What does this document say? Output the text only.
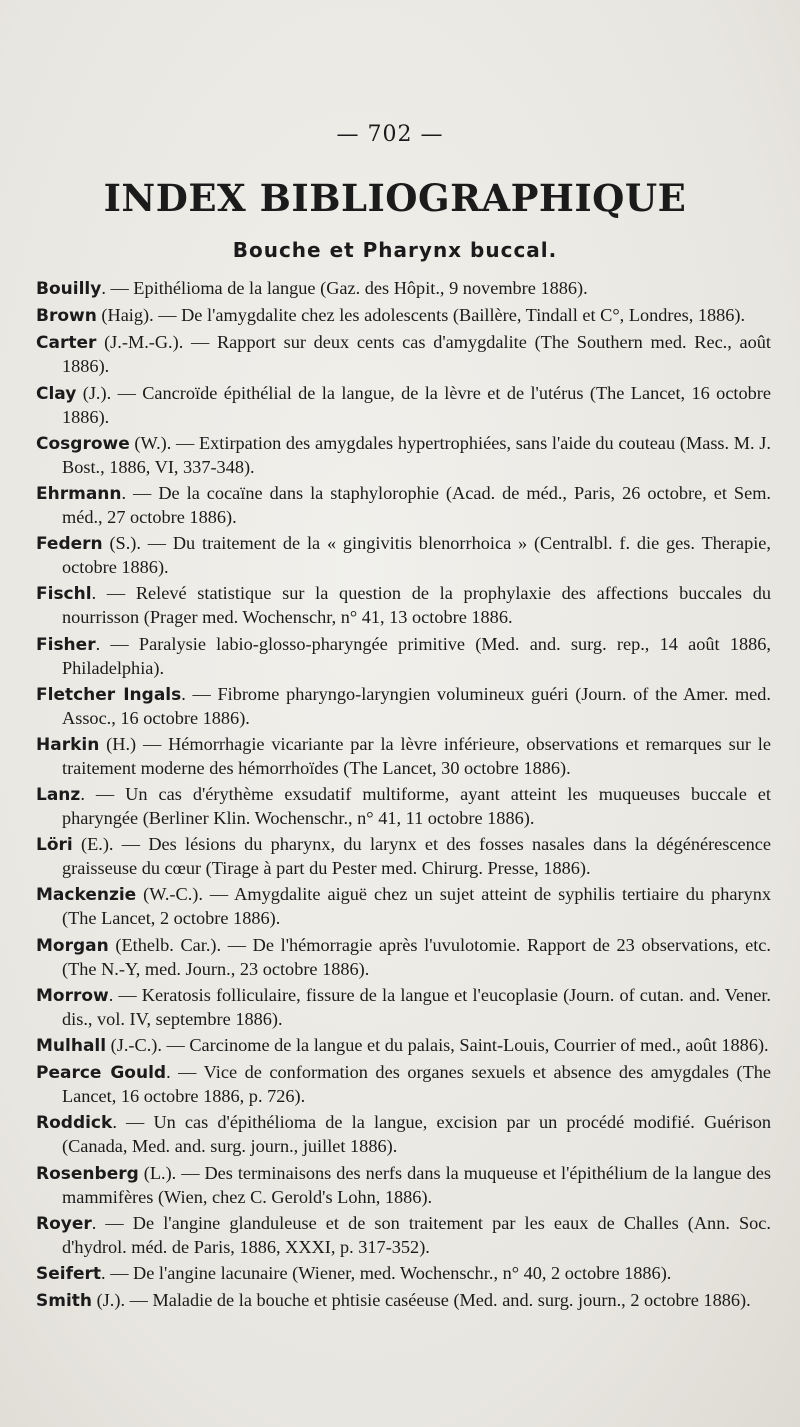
— 702 —
INDEX BIBLIOGRAPHIQUE
Bouche et Pharynx buccal.
Bouilly. — Epithélioma de la langue (Gaz. des Hôpit., 9 novembre 1886).
Brown (Haig). — De l'amygdalite chez les adolescents (Baillère, Tindall et C°, Londres, 1886).
Carter (J.-M.-G.). — Rapport sur deux cents cas d'amygdalite (The Southern med. Rec., août 1886).
Clay (J.). — Cancroïde épithélial de la langue, de la lèvre et de l'utérus (The Lancet, 16 octobre 1886).
Cosgrowe (W.). — Extirpation des amygdales hypertrophiées, sans l'aide du couteau (Mass. M. J. Bost., 1886, VI, 337-348).
Ehrmann. — De la cocaïne dans la staphylorophie (Acad. de méd., Paris, 26 octobre, et Sem. méd., 27 octobre 1886).
Federn (S.). — Du traitement de la « gingivitis blenorrhoica » (Centralbl. f. die ges. Therapie, octobre 1886).
Fischl. — Relevé statistique sur la question de la prophylaxie des affections buccales du nourrisson (Prager med. Wochenschr, n° 41, 13 octobre 1886.
Fisher. — Paralysie labio-glosso-pharyngée primitive (Med. and. surg. rep., 14 août 1886, Philadelphia).
Fletcher Ingals. — Fibrome pharyngo-laryngien volumineux guéri (Journ. of the Amer. med. Assoc., 16 octobre 1886).
Harkin (H.) — Hémorrhagie vicariante par la lèvre inférieure, observations et remarques sur le traitement moderne des hémorrhoïdes (The Lancet, 30 octobre 1886).
Lanz. — Un cas d'érythème exsudatif multiforme, ayant atteint les muqueuses buccale et pharyngée (Berliner Klin. Wochenschr., n° 41, 11 octobre 1886).
Löri (E.). — Des lésions du pharynx, du larynx et des fosses nasales dans la dégénérescence graisseuse du cœur (Tirage à part du Pester med. Chirurg. Presse, 1886).
Mackenzie (W.-C.). — Amygdalite aiguë chez un sujet atteint de syphilis tertiaire du pharynx (The Lancet, 2 octobre 1886).
Morgan (Ethelb. Car.). — De l'hémorragie après l'uvulotomie. Rapport de 23 observations, etc. (The N.-Y, med. Journ., 23 octobre 1886).
Morrow. — Keratosis folliculaire, fissure de la langue et l'eucoplasie (Journ. of cutan. and. Vener. dis., vol. IV, septembre 1886).
Mulhall (J.-C.). — Carcinome de la langue et du palais, Saint-Louis, Courrier of med., août 1886).
Pearce Gould. — Vice de conformation des organes sexuels et absence des amygdales (The Lancet, 16 octobre 1886, p. 726).
Roddick. — Un cas d'épithélioma de la langue, excision par un procédé modifié. Guérison (Canada, Med. and. surg. journ., juillet 1886).
Rosenberg (L.). — Des terminaisons des nerfs dans la muqueuse et l'épithélium de la langue des mammifères (Wien, chez C. Gerold's Lohn, 1886).
Royer. — De l'angine glanduleuse et de son traitement par les eaux de Challes (Ann. Soc. d'hydrol. méd. de Paris, 1886, XXXI, p. 317-352).
Seifert. — De l'angine lacunaire (Wiener, med. Wochenschr., n° 40, 2 octobre 1886).
Smith (J.). — Maladie de la bouche et phtisie caséeuse (Med. and. surg. journ., 2 octobre 1886).
